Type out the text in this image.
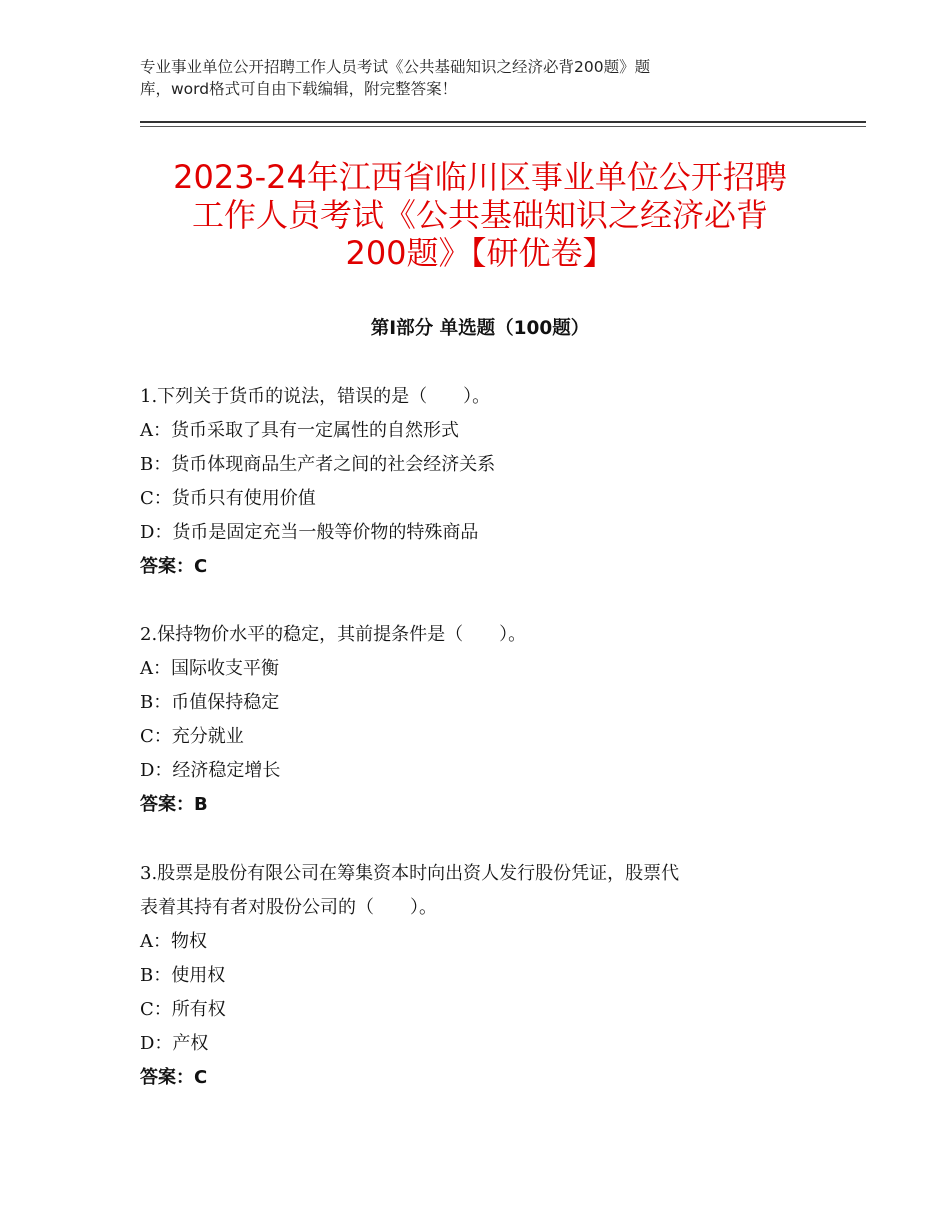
专业事业单位公开招聘工作人员考试《公共基础知识之经济必背200题》题
库，word格式可自由下载编辑，附完整答案！
2023-24年江西省临川区事业单位公开招聘
工作人员考试《公共基础知识之经济必背
200题》【研优卷】
第Ⅰ部分 单选题（100题）
1.下列关于货币的说法，错误的是（　　）。
A：货币采取了具有一定属性的自然形式
B：货币体现商品生产者之间的社会经济关系
C：货币只有使用价值
D：货币是固定充当一般等价物的特殊商品
答案：C
2.保持物价水平的稳定，其前提条件是（　　）。
A：国际收支平衡
B：币值保持稳定
C：充分就业
D：经济稳定增长
答案：B
3.股票是股份有限公司在筹集资本时向出资人发行股份凭证，股票代
表着其持有者对股份公司的（　　）。
A：物权
B：使用权
C：所有权
D：产权
答案：C
